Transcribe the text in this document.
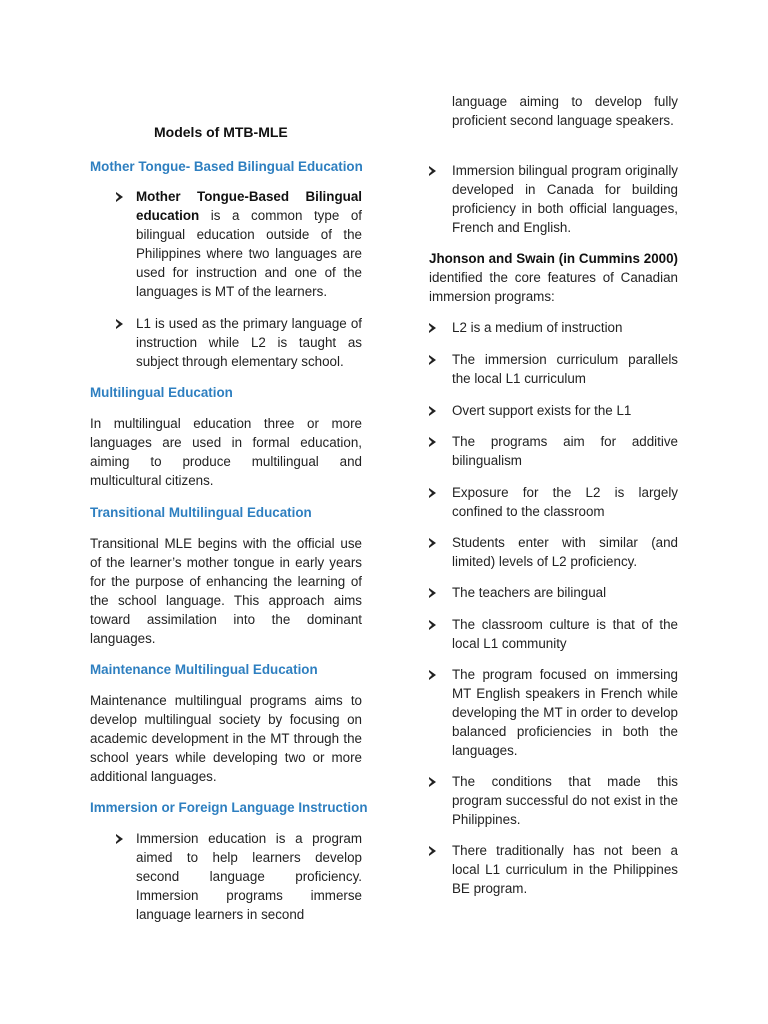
Models of MTB-MLE
Mother Tongue- Based Bilingual Education
Mother Tongue-Based Bilingual education is a common type of bilingual education outside of the Philippines where two languages are used for instruction and one of the languages is MT of the learners.
L1 is used as the primary language of instruction while L2 is taught as subject through elementary school.
Multilingual Education

In multilingual education three or more languages are used in formal education, aiming to produce multilingual and multicultural citizens.

Transitional Multilingual Education

Transitional MLE begins with the official use of the learner’s mother tongue in early years for the purpose of enhancing the learning of the school language. This approach aims toward assimilation into the dominant languages.

Maintenance Multilingual Education

Maintenance multilingual programs aims to develop multilingual society by focusing on academic development in the MT through the school years while developing two or more additional languages.

Immersion or Foreign Language Instruction
Immersion education is a program aimed to help learners develop second language proficiency. Immersion programs immerse language learners in second

language aiming to develop fully proficient second language speakers.

Immersion bilingual program originally developed in Canada for building proficiency in both official languages, French and English.

Jhonson and Swain (in Cummins 2000) identified the core features of Canadian immersion programs:

L2 is a medium of instruction
The immersion curriculum parallels the local L1 curriculum
Overt support exists for the L1
The programs aim for additive bilingualism
Exposure for the L2 is largely confined to the classroom
Students enter with similar (and limited) levels of L2 proficiency.
The teachers are bilingual
The classroom culture is that of the local L1 community
The program focused on immersing MT English speakers in French while developing the MT in order to develop balanced proficiencies in both the languages.
The conditions that made this program successful do not exist in the Philippines.
There traditionally has not been a local L1 curriculum in the Philippines BE program.
